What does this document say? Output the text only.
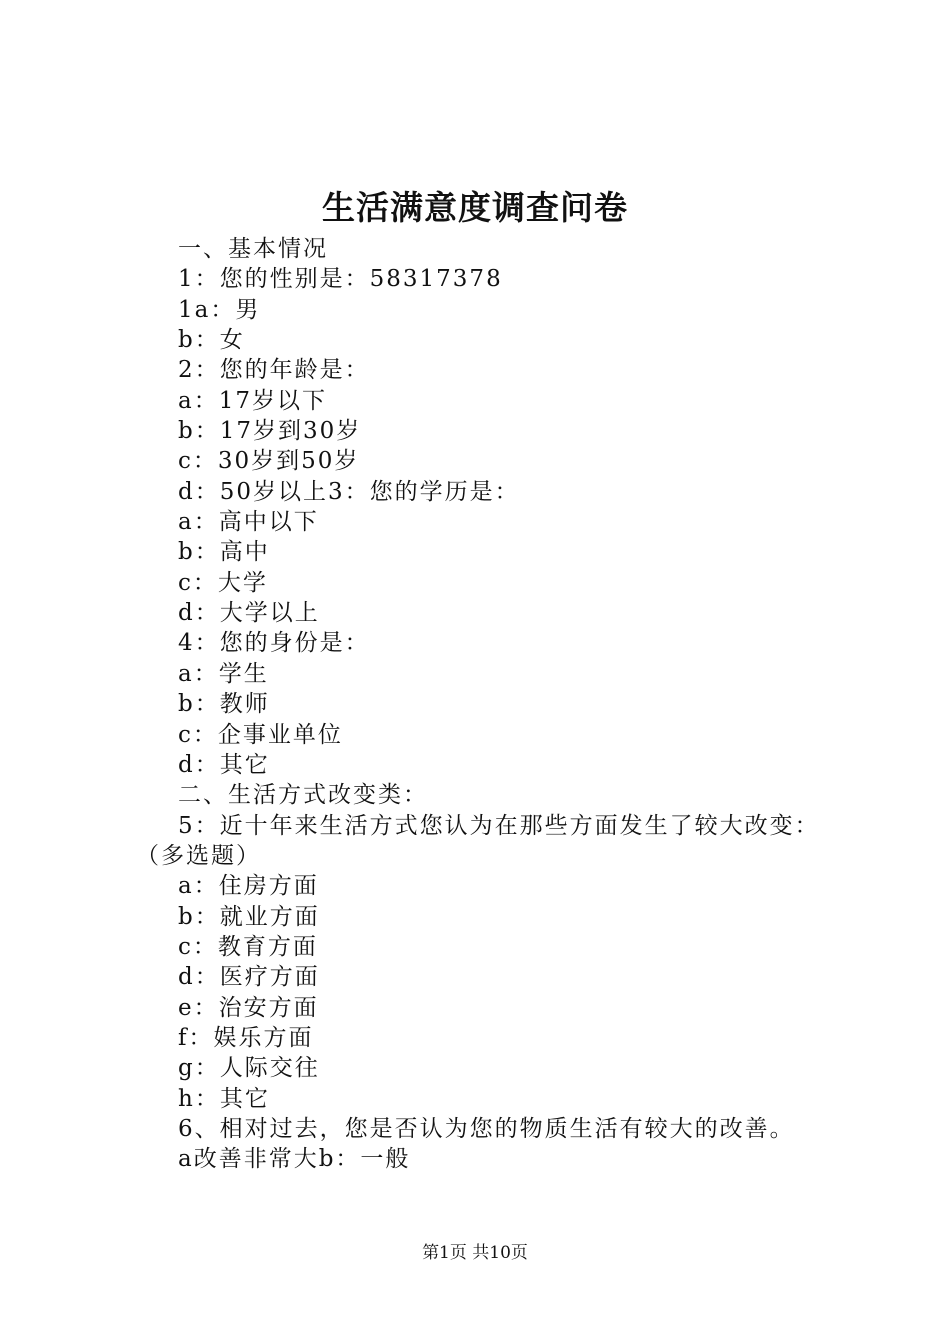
生活满意度调查问卷
一、基本情况
1：您的性别是：58317378
1a：男
b：女
2：您的年龄是：
a：17岁以下
b：17岁到30岁
c：30岁到50岁
d：50岁以上3：您的学历是：
a：高中以下
b：高中
c：大学
d：大学以上
4：您的身份是：
a：学生
b：教师
c：企事业单位
d：其它
二、生活方式改变类：
5：近十年来生活方式您认为在那些方面发生了较大改变：
（多选题）
a：住房方面
b：就业方面
c：教育方面
d：医疗方面
e：治安方面
f：娱乐方面
g：人际交往
h：其它
6、相对过去，您是否认为您的物质生活有较大的改善。
a改善非常大b：一般
第1页 共10页
